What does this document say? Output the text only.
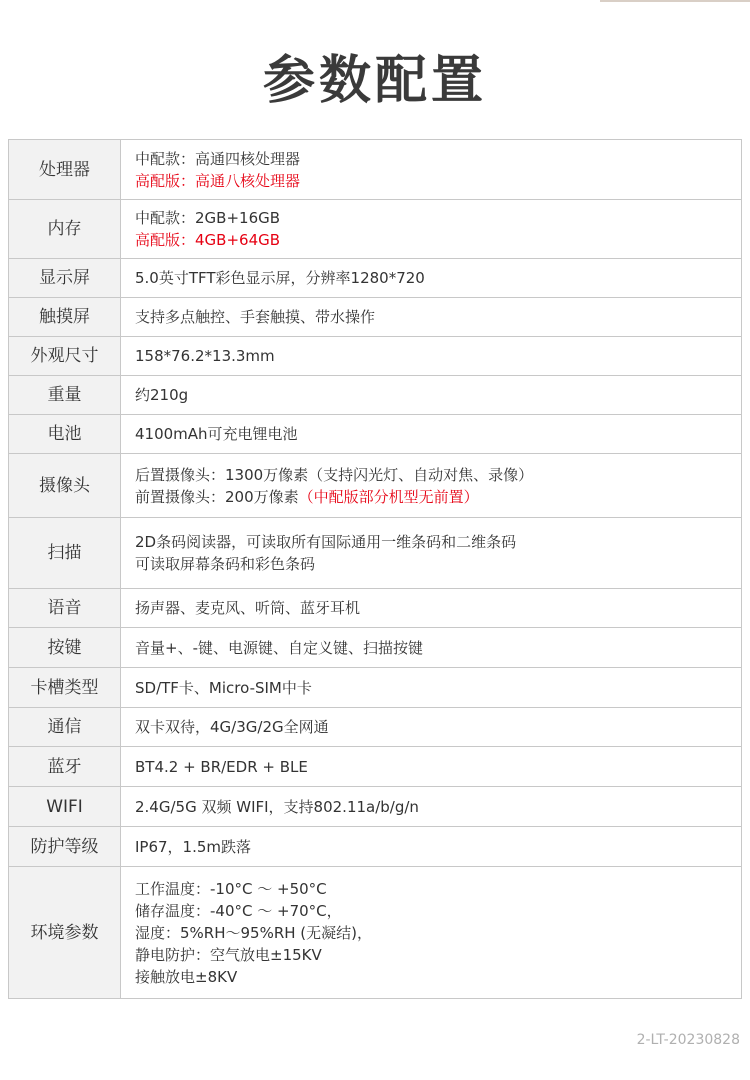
参数配置
处理器	中配款：高通四核处理器
高配版：高通八核处理器

内存	中配款：2GB+16GB
高配版：4GB+64GB

显示屏	5.0英寸TFT彩色显示屏，分辨率1280*720

触摸屏	支持多点触控、手套触摸、带水操作

外观尺寸	158*76.2*13.3mm

重量	约210g

电池	4100mAh可充电锂电池

摄像头	后置摄像头：1300万像素（支持闪光灯、自动对焦、录像）
前置摄像头：200万像素（中配版部分机型无前置）

扫描	2D条码阅读器，可读取所有国际通用一维条码和二维条码
可读取屏幕条码和彩色条码

语音	扬声器、麦克风、听筒、蓝牙耳机

按键	音量+、-键、电源键、自定义键、扫描按键

卡槽类型	SD/TF卡、Micro-SIM中卡

通信	双卡双待，4G/3G/2G全网通

蓝牙	BT4.2 + BR/EDR + BLE

WIFI	2.4G/5G 双频 WIFI，支持802.11a/b/g/n

防护等级	IP67，1.5m跌落

环境参数	工作温度：-10°C ～ +50°C
储存温度：-40°C ～ +70°C，
湿度：5%RH～95%RH (无凝结)，
静电防护：空气放电±15KV
接触放电±8KV
2-LT-20230828
